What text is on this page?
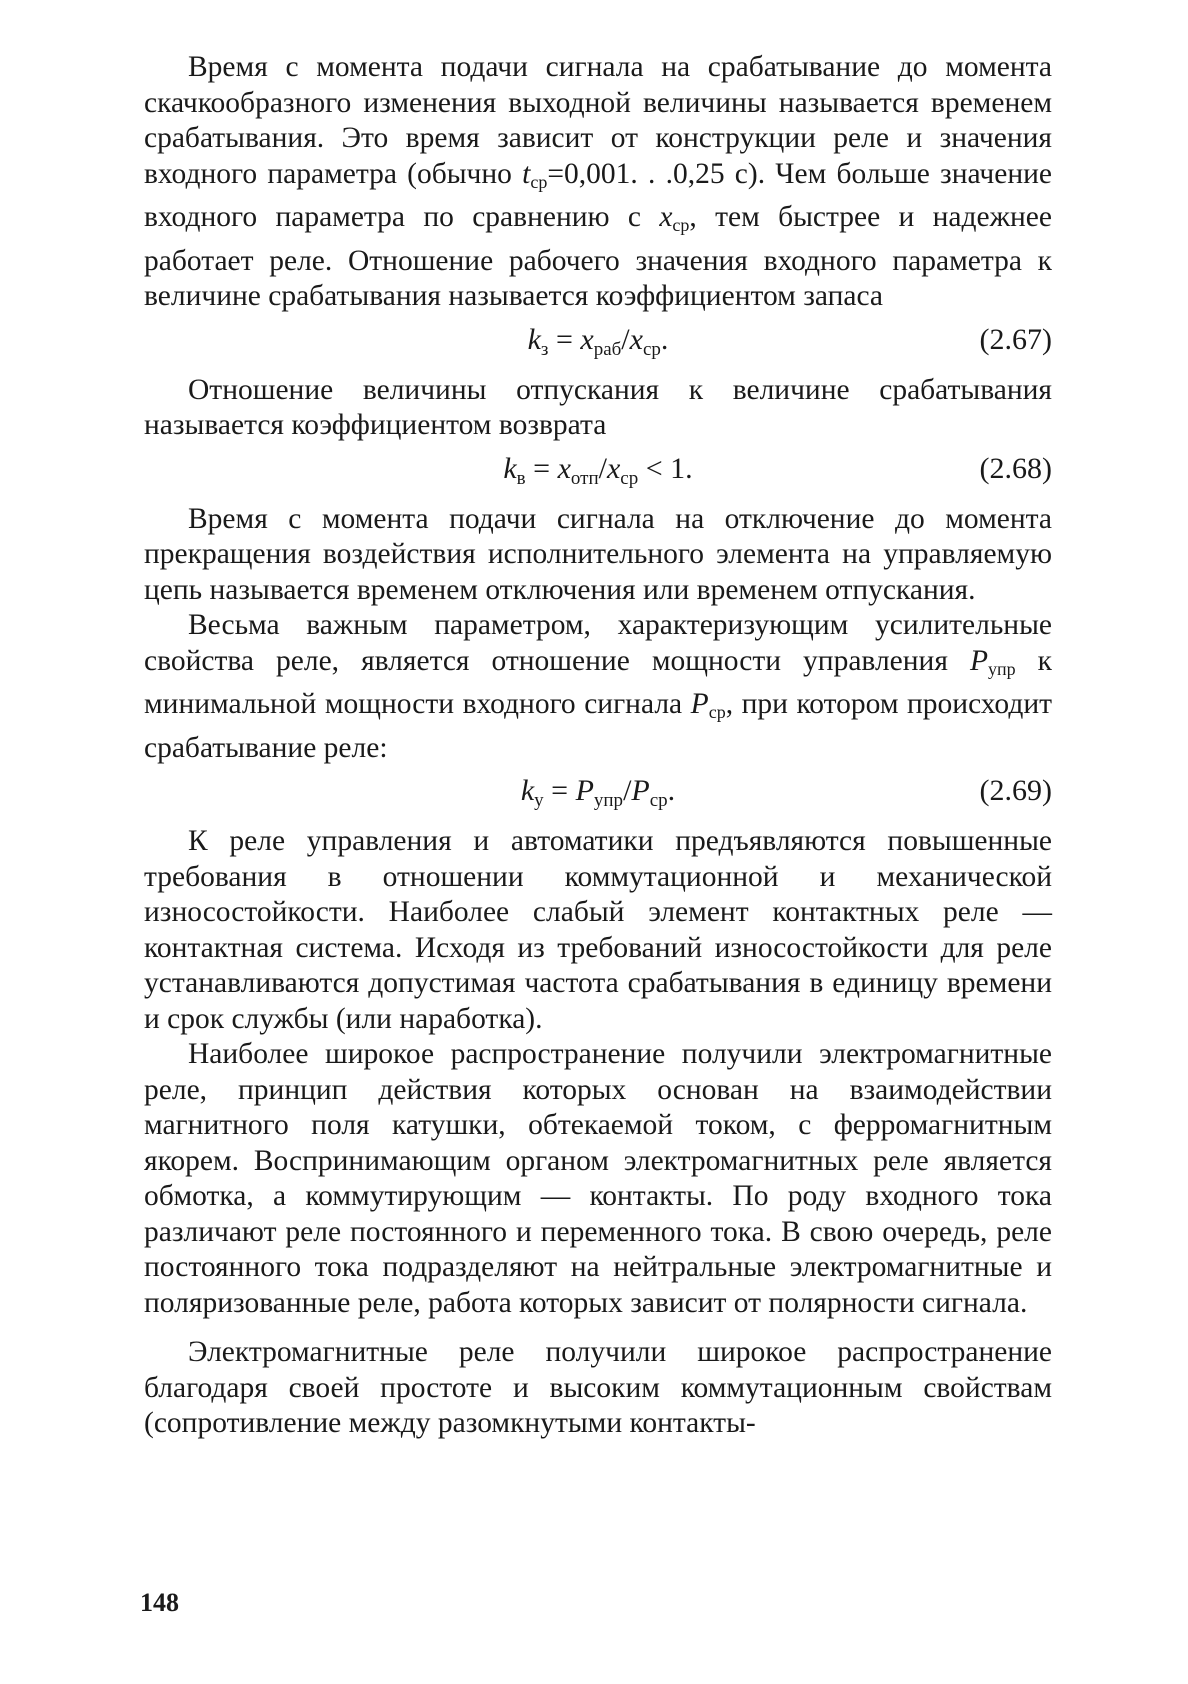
Время с момента подачи сигнала на срабатывание до момента скачкообразного изменения выходной величины называется временем срабатывания. Это время зависит от конструкции реле и значения входного параметра (обычно $t_{ср}=0,001$. . .0,25 с). Чем больше значение входного параметра по сравнению с $x_{ср}$, тем быстрее и надежнее работает реле. Отношение рабочего значения входного параметра к величине срабатывания называется коэффициентом запаса

$k_з = x_{раб}/x_{ср}$.	(2.67)

Отношение величины отпускания к величине срабатывания называется коэффициентом возврата

$k_в = x_{отп}/x_{ср} < 1$.	(2.68)

Время с момента подачи сигнала на отключение до момента прекращения воздействия исполнительного элемента на управляемую цепь называется временем отключения или временем отпускания.

Весьма важным параметром, характеризующим усилительные свойства реле, является отношение мощности управления $P_{упр}$ к минимальной мощности входного сигнала $P_{ср}$, при котором происходит срабатывание реле:

$k_у = P_{упр}/P_{ср}$.	(2.69)

К реле управления и автоматики предъявляются повышенные требования в отношении коммутационной и механической износостойкости. Наиболее слабый элемент контактных реле — контактная система. Исходя из требований износостойкости для реле устанавливаются допустимая частота срабатывания в единицу времени и срок службы (или наработка).

Наиболее широкое распространение получили электромагнитные реле, принцип действия которых основан на взаимодействии магнитного поля катушки, обтекаемой током, с ферромагнитным якорем. Воспринимающим органом электромагнитных реле является обмотка, а коммутирующим — контакты. По роду входного тока различают реле постоянного и переменного тока. В свою очередь, реле постоянного тока подразделяют на нейтральные электромагнитные и поляризованные реле, работа которых зависит от полярности сигнала.

Электромагнитные реле получили широкое распространение благодаря своей простоте и высоким коммутационным свойствам (сопротивление между разомкнутыми контакты-

148
